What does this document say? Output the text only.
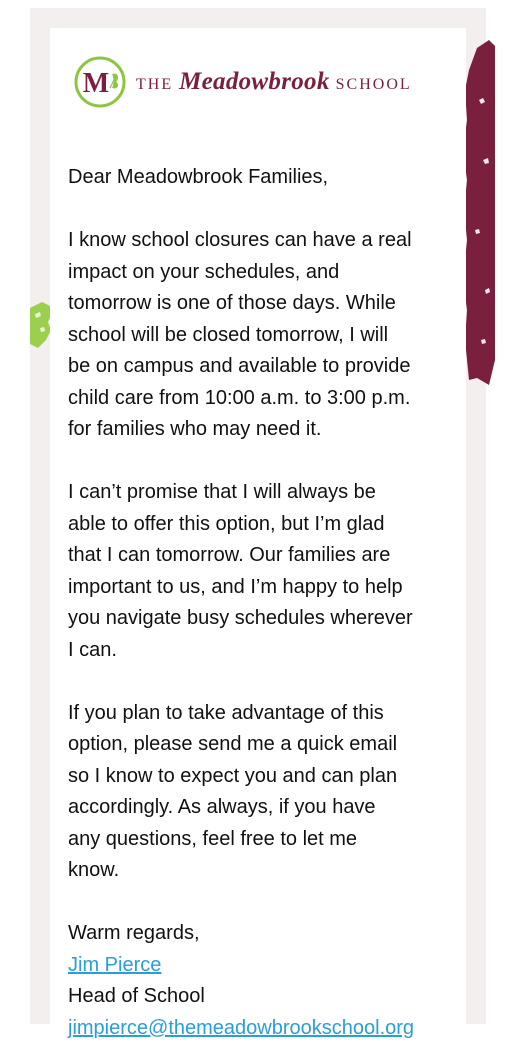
M THE Meadowbrook SCHOOL

Dear Meadowbrook Families,

I know school closures can have a real
impact on your schedules, and
tomorrow is one of those days. While
school will be closed tomorrow, I will
be on campus and available to provide
child care from 10:00 a.m. to 3:00 p.m.
for families who may need it.

I can’t promise that I will always be
able to offer this option, but I’m glad
that I can tomorrow. Our families are
important to us, and I’m happy to help
you navigate busy schedules wherever
I can.

If you plan to take advantage of this
option, please send me a quick email
so I know to expect you and can plan
accordingly. As always, if you have
any questions, feel free to let me
know.

Warm regards,
Jim Pierce
Head of School

jimpierce@themeadowbrookschool.org
